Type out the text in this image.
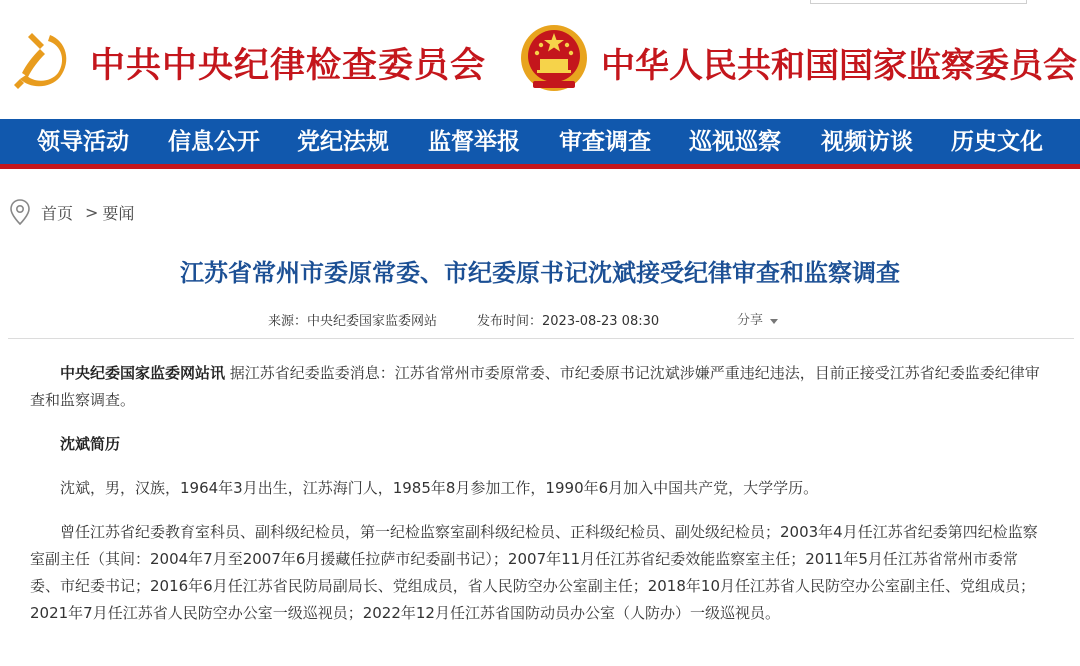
中共中央纪律检查委员会	中华人民共和国国家监察委员会
领导活动 信息公开 党纪法规 监督举报 审查调查 巡视巡察 视频访谈 历史文化
首页 > 要闻
江苏省常州市委原常委、市纪委原书记沈斌接受纪律审查和监察调查
来源：中央纪委国家监委网站	发布时间：2023-08-23 08:30	分享

中央纪委国家监委网站讯 据江苏省纪委监委消息：江苏省常州市委原常委、市纪委原书记沈斌涉嫌严重违纪违法，目前正接受江苏省纪委监委纪律审查和监察调查。

沈斌简历

沈斌，男，汉族，1964年3月出生，江苏海门人，1985年8月参加工作，1990年6月加入中国共产党，大学学历。

曾任江苏省纪委教育室科员、副科级纪检员，第一纪检监察室副科级纪检员、正科级纪检员、副处级纪检员；2003年4月任江苏省纪委第四纪检监察室副主任（其间：2004年7月至2007年6月援藏任拉萨市纪委副书记）；2007年11月任江苏省纪委效能监察室主任；2011年5月任江苏省常州市委常委、市纪委书记；2016年6月任江苏省民防局副局长、党组成员，省人民防空办公室副主任；2018年10月任江苏省人民防空办公室副主任、党组成员；2021年7月任江苏省人民防空办公室一级巡视员；2022年12月任江苏省国防动员办公室（人防办）一级巡视员。
